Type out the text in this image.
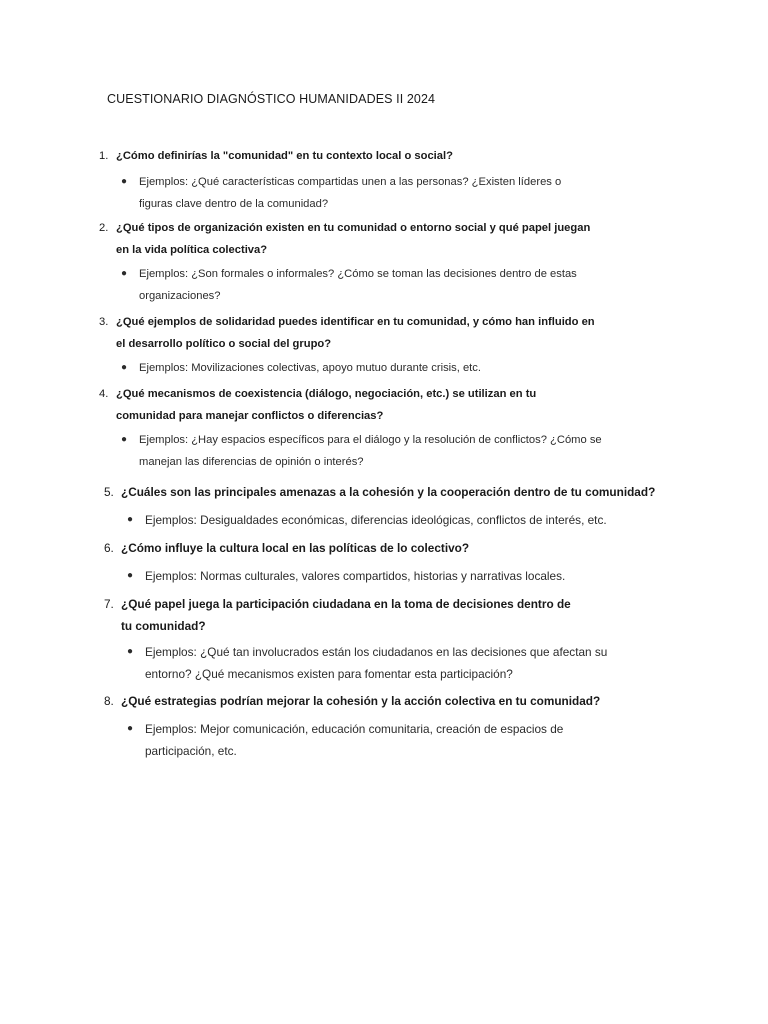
CUESTIONARIO DIAGNÓSTICO HUMANIDADES II 2024
1. ¿Cómo definirías la "comunidad" en tu contexto local o social?
●	Ejemplos: ¿Qué características compartidas unen a las personas? ¿Existen líderes o figuras clave dentro de la comunidad?
2. ¿Qué tipos de organización existen en tu comunidad o entorno social y qué papel juegan en la vida política colectiva?
●	Ejemplos: ¿Son formales o informales? ¿Cómo se toman las decisiones dentro de estas organizaciones?
3. ¿Qué ejemplos de solidaridad puedes identificar en tu comunidad, y cómo han influido en el desarrollo político o social del grupo?
●	Ejemplos: Movilizaciones colectivas, apoyo mutuo durante crisis, etc.
4. ¿Qué mecanismos de coexistencia (diálogo, negociación, etc.) se utilizan en tu comunidad para manejar conflictos o diferencias?
●	Ejemplos: ¿Hay espacios específicos para el diálogo y la resolución de conflictos? ¿Cómo se manejan las diferencias de opinión o interés?
5. ¿Cuáles son las principales amenazas a la cohesión y la cooperación dentro de tu comunidad?
●	Ejemplos: Desigualdades económicas, diferencias ideológicas, conflictos de interés, etc.
6. ¿Cómo influye la cultura local en las políticas de lo colectivo?
●	Ejemplos: Normas culturales, valores compartidos, historias y narrativas locales.
7. ¿Qué papel juega la participación ciudadana en la toma de decisiones dentro de tu comunidad?
●	Ejemplos: ¿Qué tan involucrados están los ciudadanos en las decisiones que afectan su entorno? ¿Qué mecanismos existen para fomentar esta participación?
8. ¿Qué estrategias podrían mejorar la cohesión y la acción colectiva en tu comunidad?
●	Ejemplos: Mejor comunicación, educación comunitaria, creación de espacios de participación, etc.
